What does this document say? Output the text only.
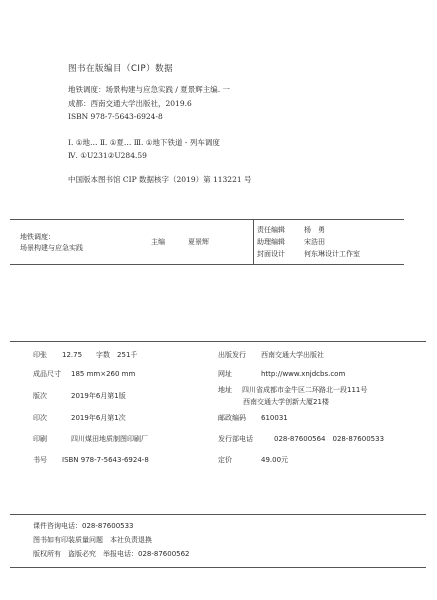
图书在版编目（CIP）数据
地铁调度：场景构建与应急实践 / 夏景辉主编. 一
成都：西南交通大学出版社，2019.6
ISBN 978-7-5643-6924-8
Ⅰ. ①地… Ⅱ. ①夏… Ⅲ. ①地下铁道 - 列车调度
Ⅳ. ①U231②U284.59
中国版本图书馆 CIP 数据核字（2019）第 113221 号
地铁调度：
场景构建与应急实践
主编	夏景辉
责任编辑	杨　勇
助理编辑	宋浩田
封面设计	何东琳设计工作室
印张 12.75　　字数　251千
成品尺寸 185 mm×260 mm
版次	2019年6月第1版
印次	2019年6月第1次
印刷	四川煤田地质制图印刷厂
书号 ISBN 978-7-5643-6924-8
出版发行 西南交通大学出版社
网址	http://www.xnjdcbs.com
地址 四川省成都市金牛区二环路北一段111号
西南交通大学创新大厦21楼
邮政编码 610031
发行部电话	028-87600564　028-87600533
定价	49.00元
课件咨询电话：028-87600533
图书如有印装质量问题　本社负责退换
版权所有　盗版必究　举报电话：028-87600562
